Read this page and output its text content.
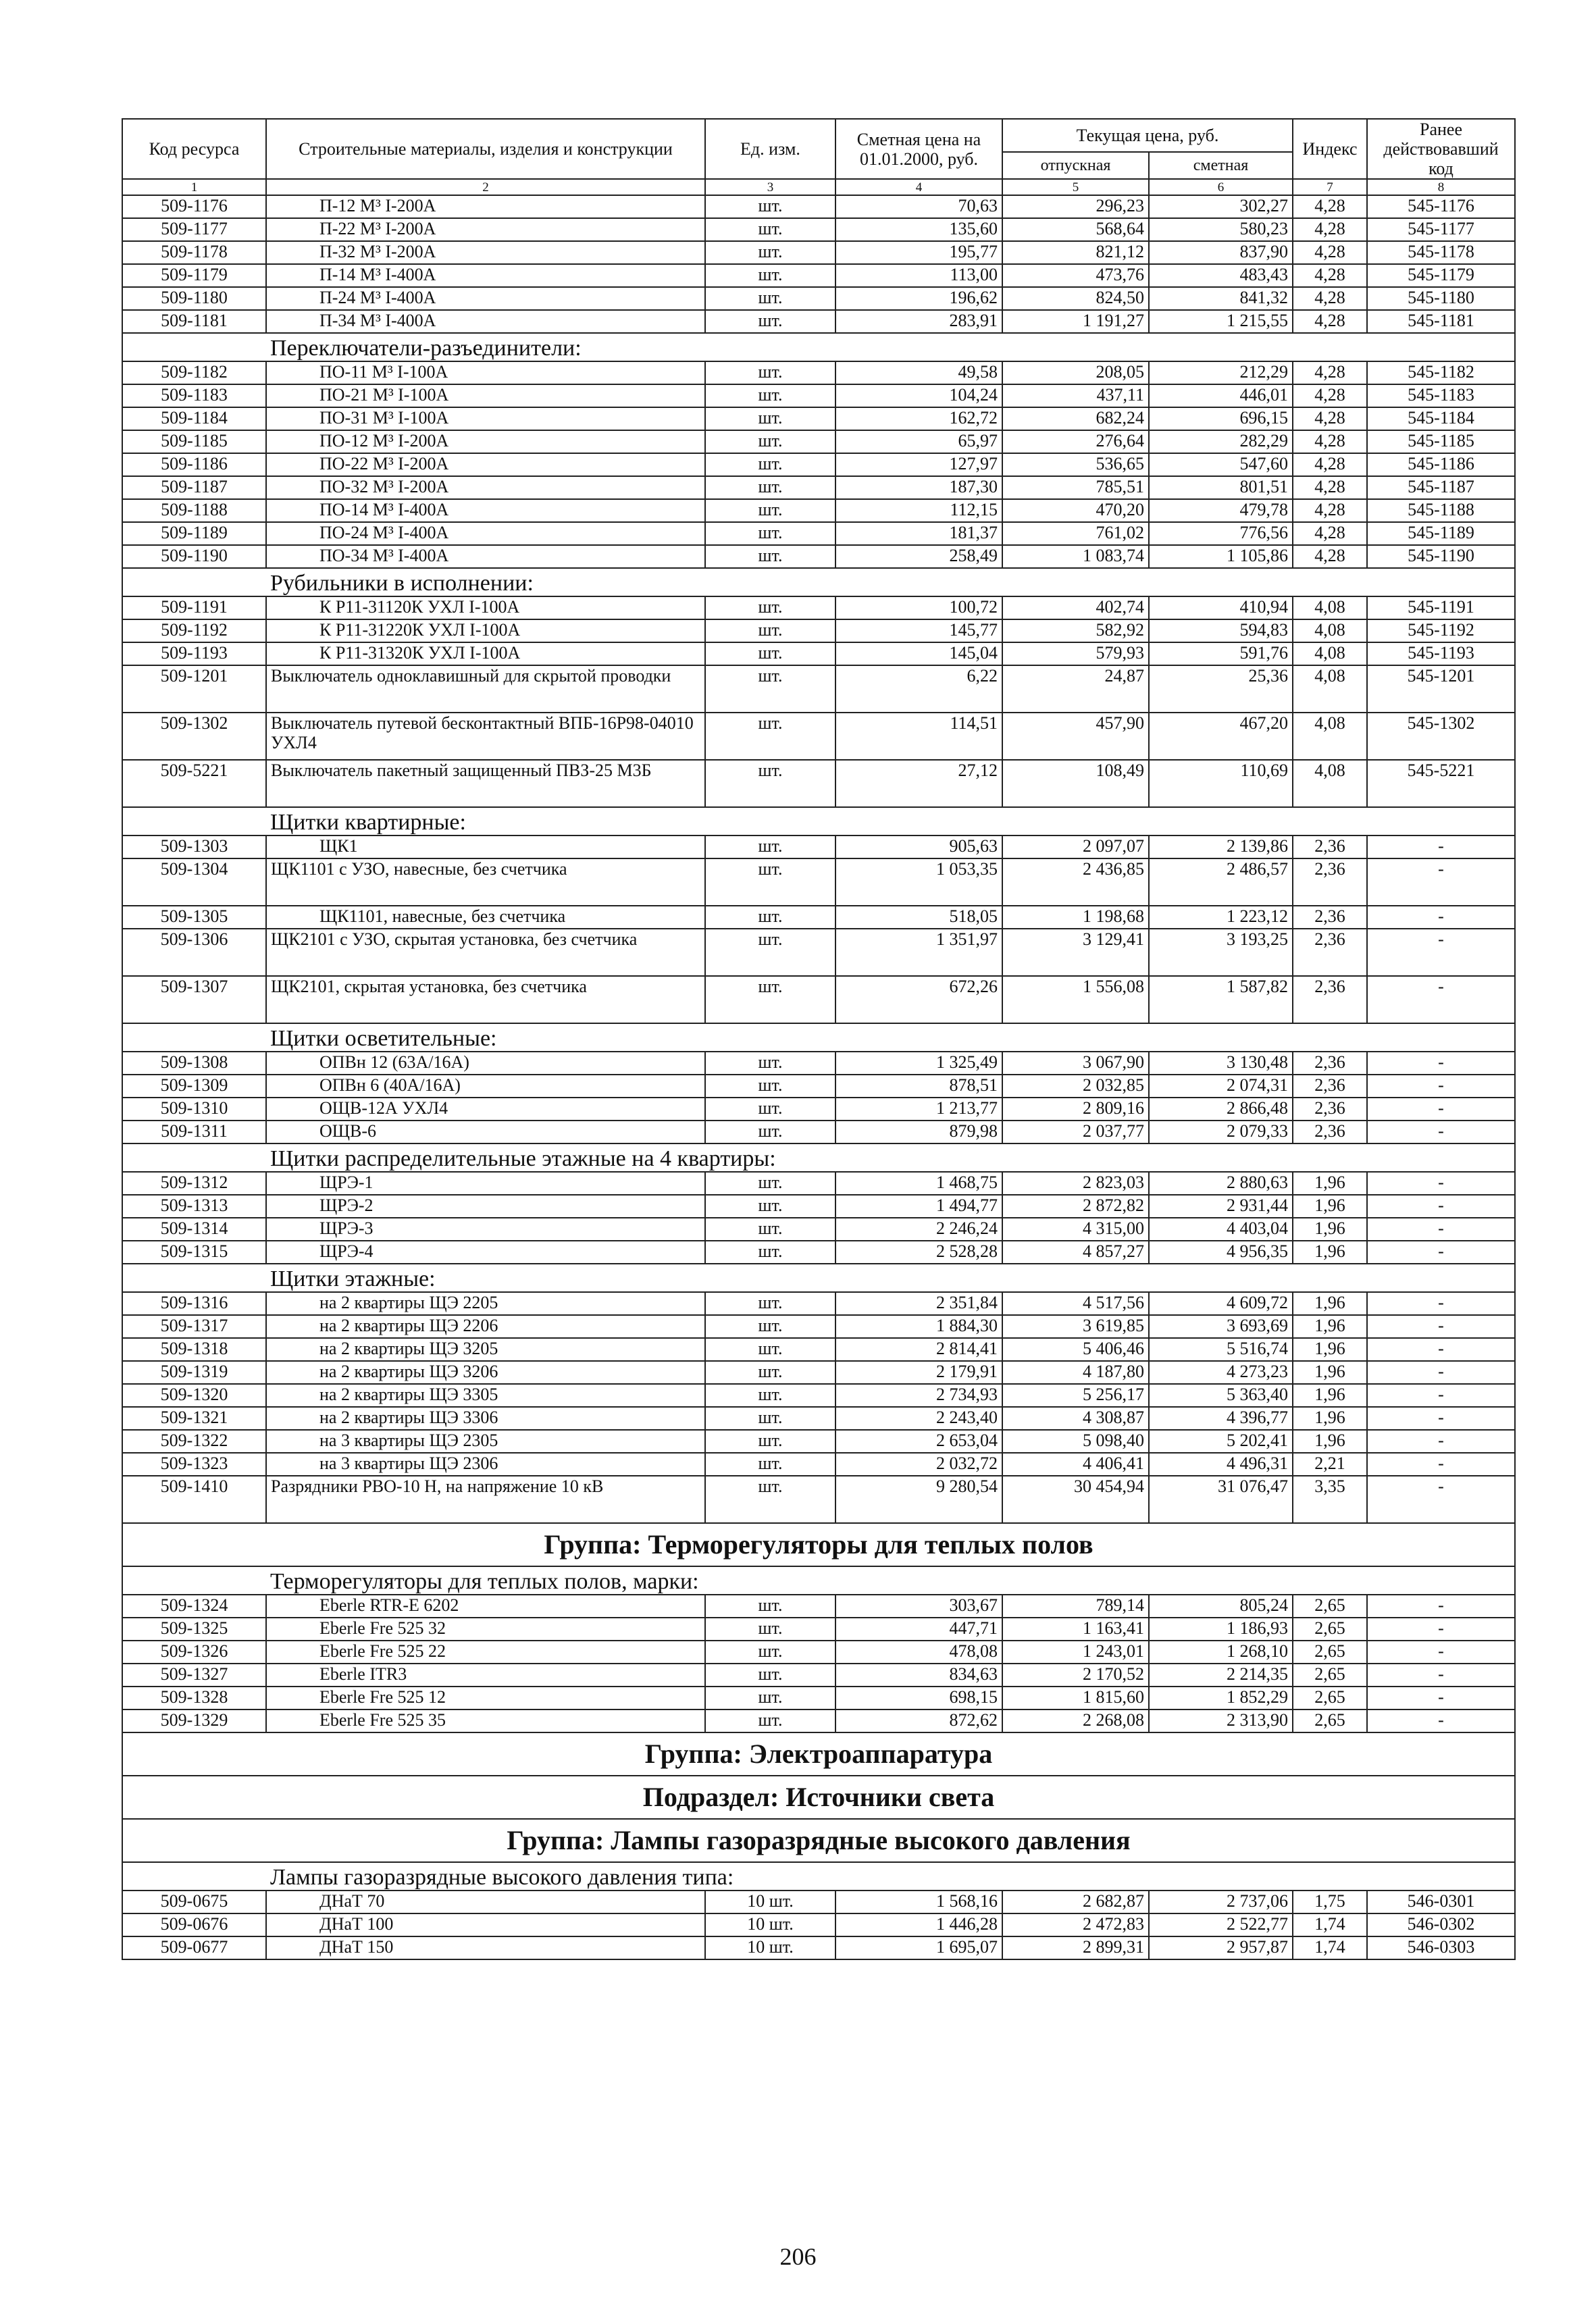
Код ресурса	Строительные материалы, изделия и конструкции	Ед. изм.	Сметная цена на 01.01.2000, руб.	Текущая цена, руб.		Индекс	Ранее действовавший код
				отпускная	сметная		
1	2	3	4	5	6	7	8
509-1176	П-12 М³ I-200А	шт.	70,63	296,23	302,27	4,28	545-1176
509-1177	П-22 М³ I-200А	шт.	135,60	568,64	580,23	4,28	545-1177
509-1178	П-32 М³ I-200А	шт.	195,77	821,12	837,90	4,28	545-1178
509-1179	П-14 М³ I-400А	шт.	113,00	473,76	483,43	4,28	545-1179
509-1180	П-24 М³ I-400А	шт.	196,62	824,50	841,32	4,28	545-1180
509-1181	П-34 М³ I-400А	шт.	283,91	1 191,27	1 215,55	4,28	545-1181
Переключатели-разъединители:							
509-1182	ПО-11 М³ I-100А	шт.	49,58	208,05	212,29	4,28	545-1182
509-1183	ПО-21 М³ I-100А	шт.	104,24	437,11	446,01	4,28	545-1183
509-1184	ПО-31 М³ I-100А	шт.	162,72	682,24	696,15	4,28	545-1184
509-1185	ПО-12 М³ I-200А	шт.	65,97	276,64	282,29	4,28	545-1185
509-1186	ПО-22 М³ I-200А	шт.	127,97	536,65	547,60	4,28	545-1186
509-1187	ПО-32 М³ I-200А	шт.	187,30	785,51	801,51	4,28	545-1187
509-1188	ПО-14 М³ I-400А	шт.	112,15	470,20	479,78	4,28	545-1188
509-1189	ПО-24 М³ I-400А	шт.	181,37	761,02	776,56	4,28	545-1189
509-1190	ПО-34 М³ I-400А	шт.	258,49	1 083,74	1 105,86	4,28	545-1190
Рубильники в исполнении:							
509-1191	К Р11-31120К УХЛ I-100А	шт.	100,72	402,74	410,94	4,08	545-1191
509-1192	К Р11-31220К УХЛ I-100А	шт.	145,77	582,92	594,83	4,08	545-1192
509-1193	К Р11-31320К УХЛ I-100А	шт.	145,04	579,93	591,76	4,08	545-1193
509-1201	Выключатель одноклавишный для скрытой проводки	шт.	6,22	24,87	25,36	4,08	545-1201
509-1302	Выключатель путевой бесконтактный ВПБ-16Р98-04010 УХЛ4	шт.	114,51	457,90	467,20	4,08	545-1302
509-5221	Выключатель пакетный защищенный ПВЗ-25 М3Б	шт.	27,12	108,49	110,69	4,08	545-5221
Щитки квартирные:							
509-1303	ЩК1	шт.	905,63	2 097,07	2 139,86	2,36	-
509-1304	ЩК1101 с УЗО, навесные, без счетчика	шт.	1 053,35	2 436,85	2 486,57	2,36	-
509-1305	ЩК1101, навесные, без счетчика	шт.	518,05	1 198,68	1 223,12	2,36	-
509-1306	ЩК2101 с УЗО, скрытая установка, без счетчика	шт.	1 351,97	3 129,41	3 193,25	2,36	-
509-1307	ЩК2101, скрытая установка, без счетчика	шт.	672,26	1 556,08	1 587,82	2,36	-
Щитки осветительные:							
509-1308	ОПВн 12 (63А/16А)	шт.	1 325,49	3 067,90	3 130,48	2,36	-
509-1309	ОПВн 6 (40А/16А)	шт.	878,51	2 032,85	2 074,31	2,36	-
509-1310	ОЩВ-12А УХЛ4	шт.	1 213,77	2 809,16	2 866,48	2,36	-
509-1311	ОЩВ-6	шт.	879,98	2 037,77	2 079,33	2,36	-
Щитки распределительные этажные на 4 квартиры:							
509-1312	ЩРЭ-1	шт.	1 468,75	2 823,03	2 880,63	1,96	-
509-1313	ЩРЭ-2	шт.	1 494,77	2 872,82	2 931,44	1,96	-
509-1314	ЩРЭ-3	шт.	2 246,24	4 315,00	4 403,04	1,96	-
509-1315	ЩРЭ-4	шт.	2 528,28	4 857,27	4 956,35	1,96	-
Щитки этажные:							
509-1316	на 2 квартиры ЩЭ 2205	шт.	2 351,84	4 517,56	4 609,72	1,96	-
509-1317	на 2 квартиры ЩЭ 2206	шт.	1 884,30	3 619,85	3 693,69	1,96	-
509-1318	на 2 квартиры ЩЭ 3205	шт.	2 814,41	5 406,46	5 516,74	1,96	-
509-1319	на 2 квартиры ЩЭ 3206	шт.	2 179,91	4 187,80	4 273,23	1,96	-
509-1320	на 2 квартиры ЩЭ 3305	шт.	2 734,93	5 256,17	5 363,40	1,96	-
509-1321	на 2 квартиры ЩЭ 3306	шт.	2 243,40	4 308,87	4 396,77	1,96	-
509-1322	на 3 квартиры ЩЭ 2305	шт.	2 653,04	5 098,40	5 202,41	1,96	-
509-1323	на 3 квартиры ЩЭ 2306	шт.	2 032,72	4 406,41	4 496,31	2,21	-
509-1410	Разрядники РВО-10 Н, на напряжение 10 кВ	шт.	9 280,54	30 454,94	31 076,47	3,35	-
Группа: Терморегуляторы для теплых полов							
Терморегуляторы для теплых полов, марки:							
509-1324	Eberle RTR-E 6202	шт.	303,67	789,14	805,24	2,65	-
509-1325	Eberle Fre 525 32	шт.	447,71	1 163,41	1 186,93	2,65	-
509-1326	Eberle Fre 525 22	шт.	478,08	1 243,01	1 268,10	2,65	-
509-1327	Eberle ITR3	шт.	834,63	2 170,52	2 214,35	2,65	-
509-1328	Eberle Fre 525 12	шт.	698,15	1 815,60	1 852,29	2,65	-
509-1329	Eberle Fre 525 35	шт.	872,62	2 268,08	2 313,90	2,65	-
Группа: Электроаппаратура							
Подраздел: Источники света							
Группа: Лампы газоразрядные высокого давления							
Лампы газоразрядные высокого давления типа:							
509-0675	ДНаТ 70	10 шт.	1 568,16	2 682,87	2 737,06	1,75	546-0301
509-0676	ДНаТ 100	10 шт.	1 446,28	2 472,83	2 522,77	1,74	546-0302
509-0677	ДНаТ 150	10 шт.	1 695,07	2 899,31	2 957,87	1,74	546-0303
206
